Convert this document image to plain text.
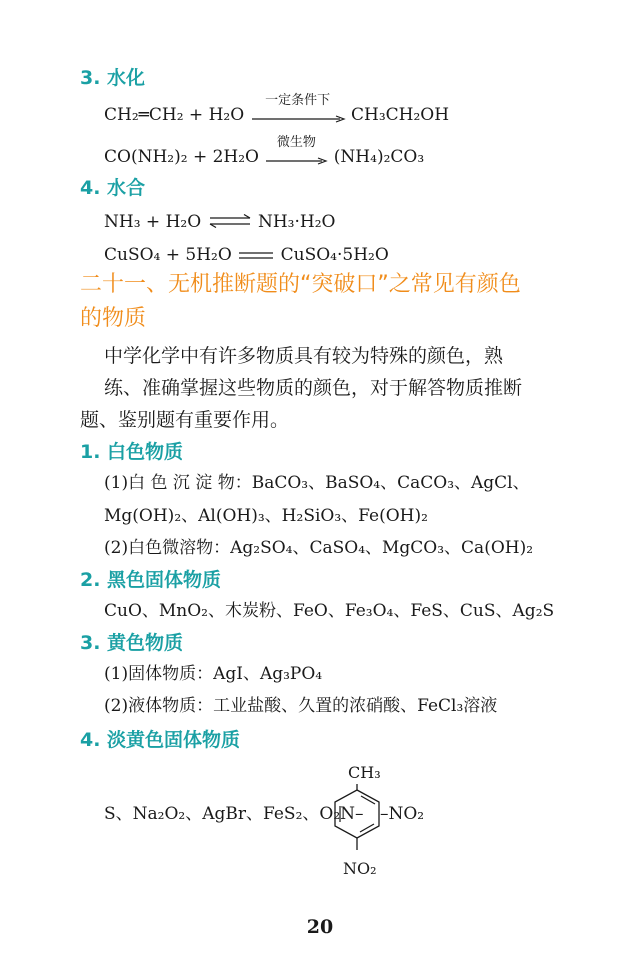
3. 水化
CH₂═CH₂ + H₂O
一定条件下
CH₃CH₂OH
CO(NH₂)₂ + 2H₂O
微生物
(NH₄)₂CO₃
4. 水合
NH₃ + H₂O ⇌ NH₃·H₂O
CuSO₄ + 5H₂O	CuSO₄·5H₂O
二十一、无机推断题的“突破口”之常见有颜色
的物质
中学化学中有许多物质具有较为特殊的颜色，熟
练、准确掌握这些物质的颜色，对于解答物质推断
题、鉴别题有重要作用。
1. 白色物质
(1)白 色 沉 淀 物：BaCO₃、BaSO₄、CaCO₃、AgCl、
Mg(OH)₂、Al(OH)₃、H₂SiO₃、Fe(OH)₂
(2)白色微溶物：Ag₂SO₄、CaSO₄、MgCO₃、Ca(OH)₂
2. 黑色固体物质
CuO、MnO₂、木炭粉、FeO、Fe₃O₄、FeS、CuS、Ag₂S
3. 黄色物质
(1)固体物质：AgI、Ag₃PO₄
(2)液体物质：工业盐酸、久置的浓硝酸、FeCl₃溶液
4. 淡黄色固体物质
S、Na₂O₂、AgBr、FeS₂、O₂N–
CH₃
–NO₂
NO₂
20
